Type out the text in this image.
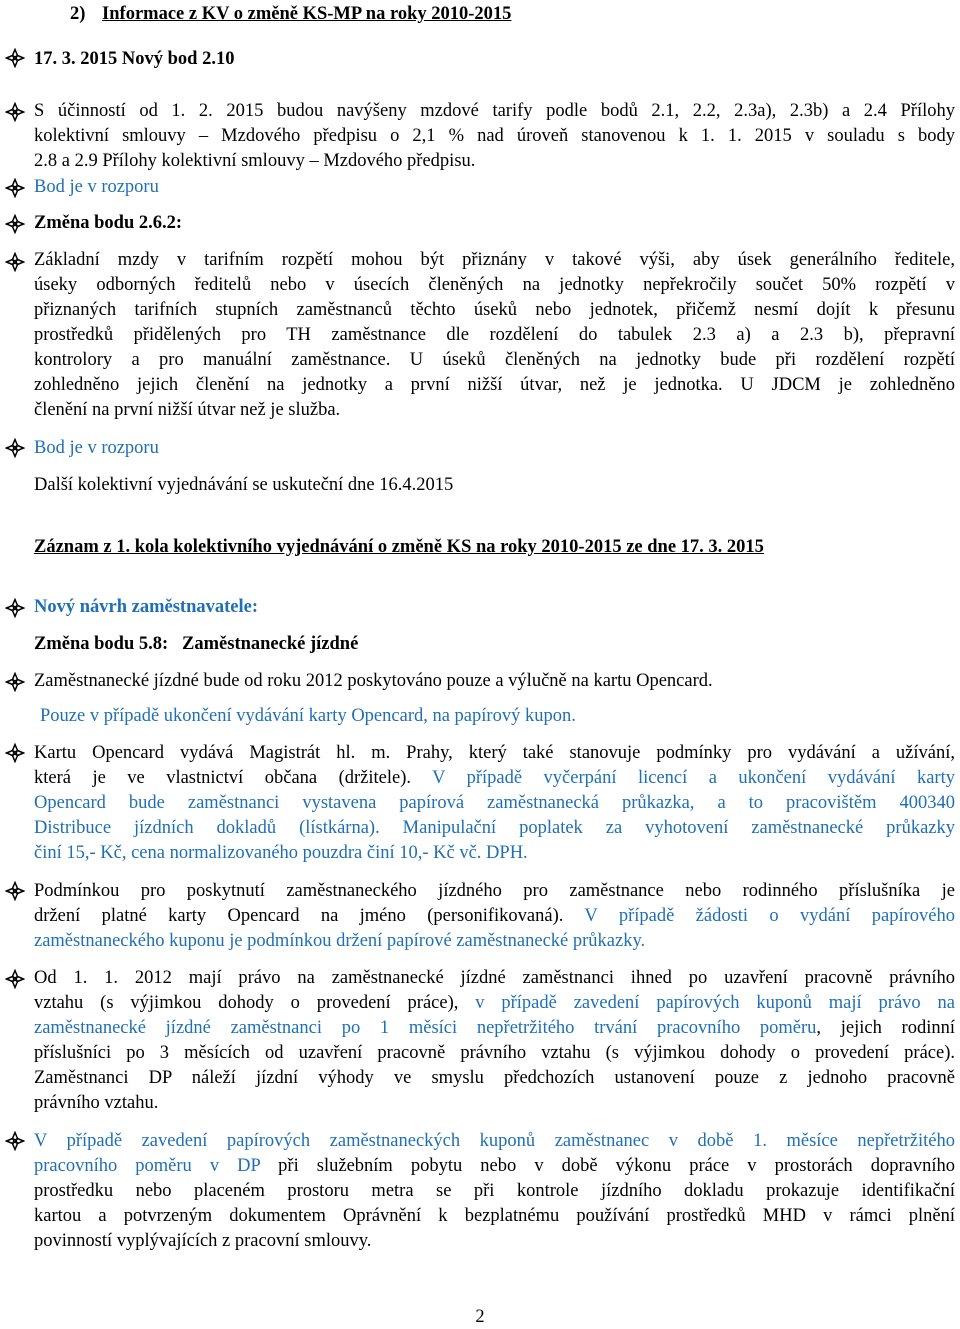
2) Informace z KV o změně KS-MP na roky 2010-2015
17. 3. 2015 Nový bod 2.10
S účinností od 1. 2. 2015 budou navýšeny mzdové tarify podle bodů 2.1, 2.2, 2.3a), 2.3b) a 2.4 Přílohy
kolektivní smlouvy – Mzdového předpisu o 2,1 % nad úroveň stanovenou k 1. 1. 2015 v souladu s body
2.8 a 2.9 Přílohy kolektivní smlouvy – Mzdového předpisu.
Bod je v rozporu
Změna bodu 2.6.2:
Základní mzdy v tarifním rozpětí mohou být přiznány v takové výši, aby úsek generálního ředitele,
úseky odborných ředitelů nebo v úsecích členěných na jednotky nepřekročily součet 50% rozpětí v
přiznaných tarifních stupních zaměstnanců těchto úseků nebo jednotek, přičemž nesmí dojít k přesunu
prostředků přidělených pro TH zaměstnance dle rozdělení do tabulek 2.3 a) a 2.3 b), přepravní
kontrolory a pro manuální zaměstnance. U úseků členěných na jednotky bude při rozdělení rozpětí
zohledněno jejich členění na jednotky a první nižší útvar, než je jednotka. U JDCM je zohledněno
členění na první nižší útvar než je služba.
Bod je v rozporu
Další kolektivní vyjednávání se uskuteční dne 16.4.2015
Záznam z 1. kola kolektivního vyjednávání o změně KS na roky 2010-2015 ze dne 17. 3. 2015
Nový návrh zaměstnavatele:
Změna bodu 5.8:   Zaměstnanecké jízdné
Zaměstnanecké jízdné bude od roku 2012 poskytováno pouze a výlučně na kartu Opencard.
Pouze v případě ukončení vydávání karty Opencard, na papírový kupon.
Kartu Opencard vydává Magistrát hl. m. Prahy, který také stanovuje podmínky pro vydávání a užívání,
která je ve vlastnictví občana (držitele). V případě vyčerpání licencí a ukončení vydávání karty
Opencard bude zaměstnanci vystavena papírová zaměstnanecká průkazka, a to pracovištěm 400340
Distribuce jízdních dokladů (lístkárna). Manipulační poplatek za vyhotovení zaměstnanecké průkazky
činí 15,- Kč, cena normalizovaného pouzdra činí 10,- Kč vč. DPH.
Podmínkou pro poskytnutí zaměstnaneckého jízdného pro zaměstnance nebo rodinného příslušníka je
držení platné karty Opencard na jméno (personifikovaná). V případě žádosti o vydání papírového
zaměstnaneckého kuponu je podmínkou držení papírové zaměstnanecké průkazky.
Od 1. 1. 2012 mají právo na zaměstnanecké jízdné zaměstnanci ihned po uzavření pracovně právního
vztahu (s výjimkou dohody o provedení práce), v případě zavedení papírových kuponů mají právo na
zaměstnanecké jízdné zaměstnanci po 1 měsíci nepřetržitého trvání pracovního poměru, jejich rodinní
příslušníci po 3 měsících od uzavření pracovně právního vztahu (s výjimkou dohody o provedení práce).
Zaměstnanci DP náleží jízdní výhody ve smyslu předchozích ustanovení pouze z jednoho pracovně
právního vztahu.
V případě zavedení papírových zaměstnaneckých kuponů zaměstnanec v době 1. měsíce nepřetržitého
pracovního poměru v DP při služebním pobytu nebo v době výkonu práce v prostorách dopravního
prostředku nebo placeném prostoru metra se při kontrole jízdního dokladu prokazuje identifikační
kartou a potvrzeným dokumentem Oprávnění k bezplatnému používání prostředků MHD v rámci plnění
povinností vyplývajících z pracovní smlouvy.
2
